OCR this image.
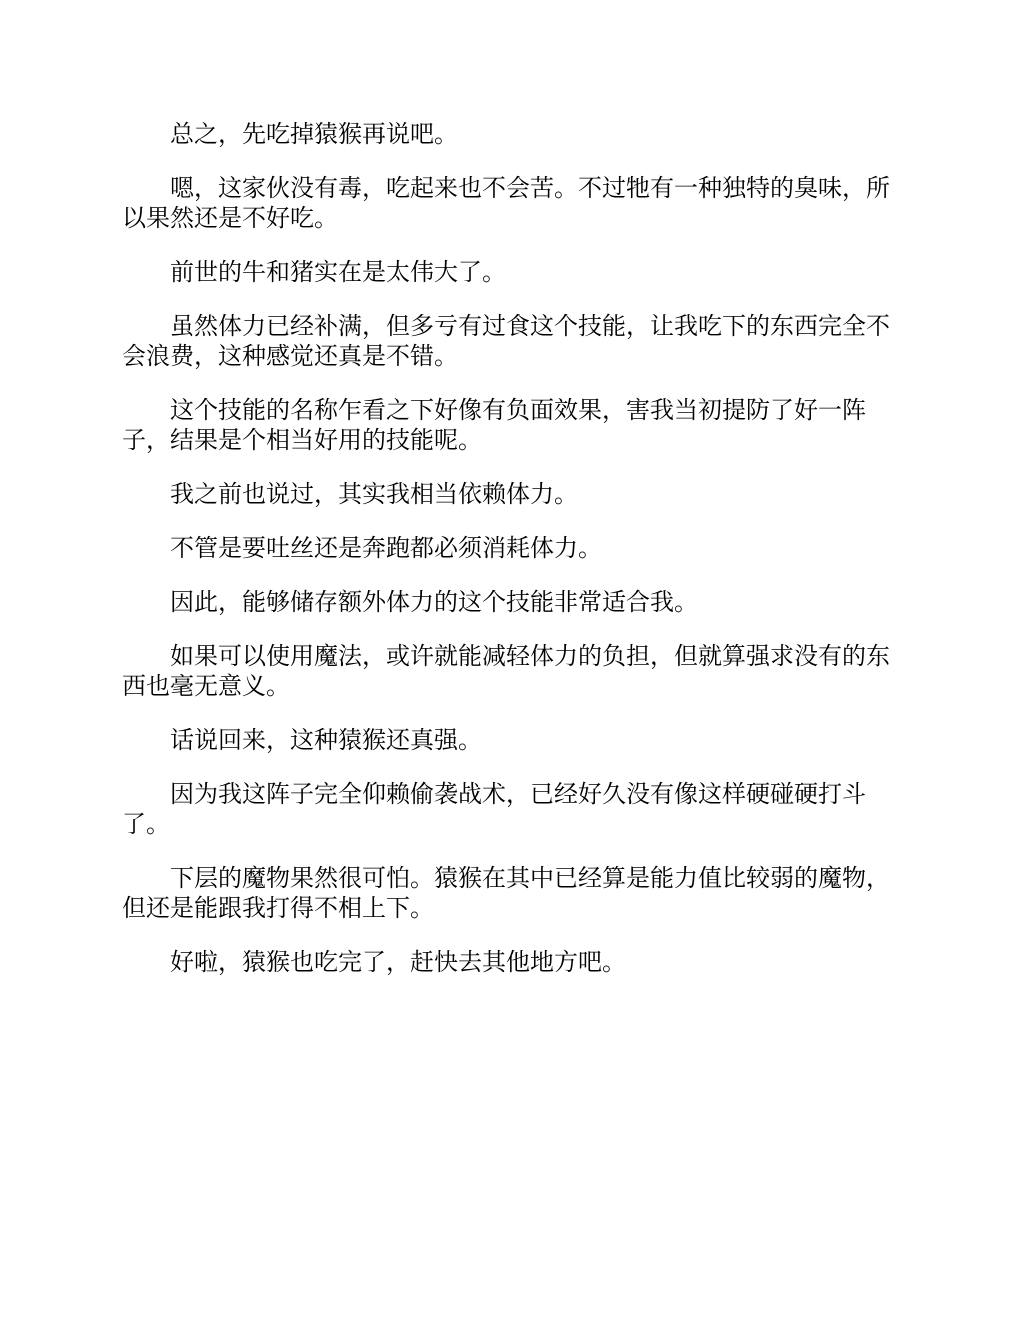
总之，先吃掉猿猴再说吧。

嗯，这家伙没有毒，吃起来也不会苦。不过牠有一种独特的臭味，所以果然还是不好吃。

前世的牛和猪实在是太伟大了。

虽然体力已经补满，但多亏有过食这个技能，让我吃下的东西完全不会浪费，这种感觉还真是不错。

这个技能的名称乍看之下好像有负面效果，害我当初提防了好一阵子，结果是个相当好用的技能呢。

我之前也说过，其实我相当依赖体力。

不管是要吐丝还是奔跑都必须消耗体力。

因此，能够储存额外体力的这个技能非常适合我。

如果可以使用魔法，或许就能减轻体力的负担，但就算强求没有的东西也毫无意义。

话说回来，这种猿猴还真强。

因为我这阵子完全仰赖偷袭战术，已经好久没有像这样硬碰硬打斗了。

下层的魔物果然很可怕。猿猴在其中已经算是能力值比较弱的魔物，但还是能跟我打得不相上下。

好啦，猿猴也吃完了，赶快去其他地方吧。
